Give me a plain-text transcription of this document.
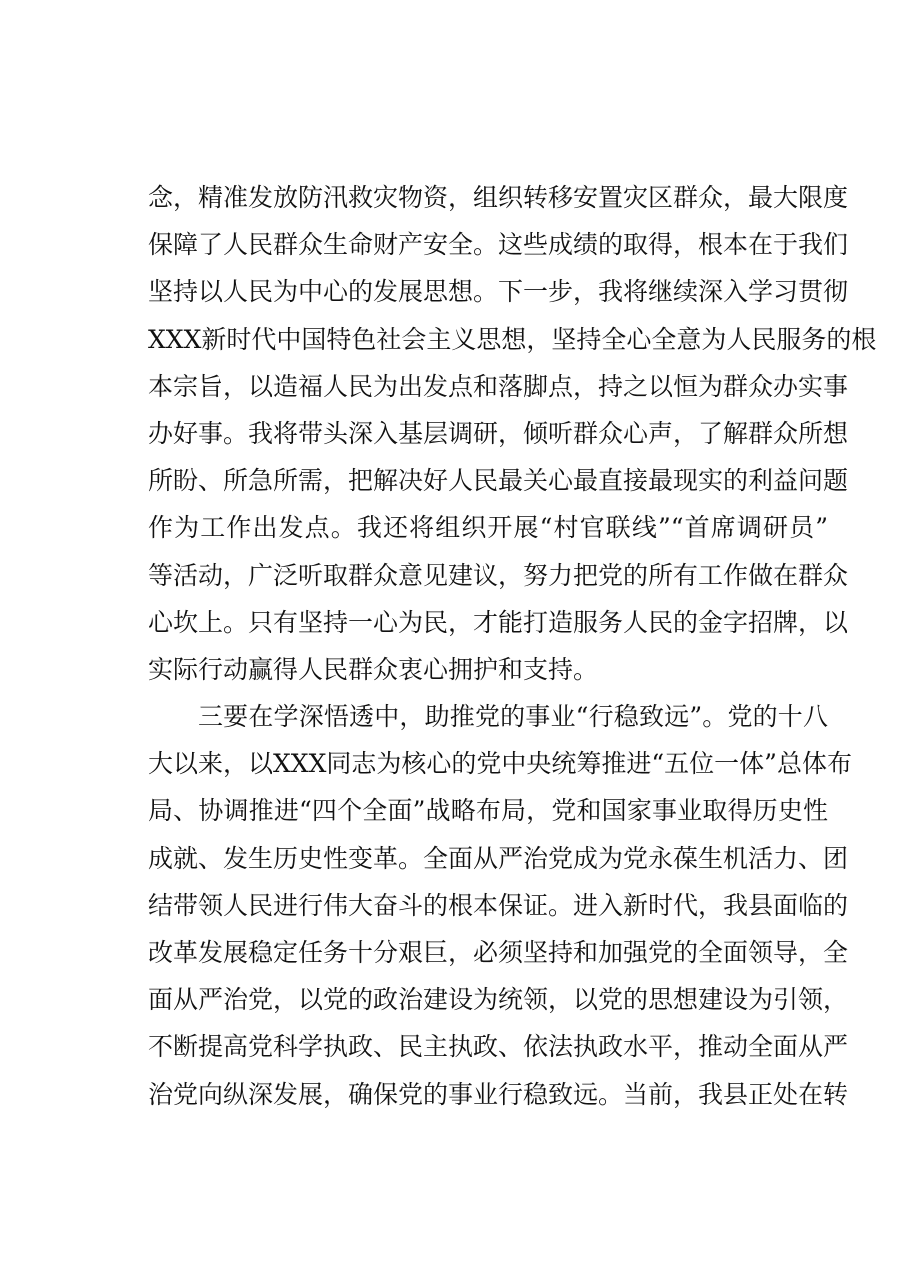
念，精准发放防汛救灾物资，组织转移安置灾区群众，最大限度
保障了人民群众生命财产安全。这些成绩的取得，根本在于我们
坚持以人民为中心的发展思想。下一步，我将继续深入学习贯彻
XXX新时代中国特色社会主义思想，坚持全心全意为人民服务的根
本宗旨，以造福人民为出发点和落脚点，持之以恒为群众办实事
办好事。我将带头深入基层调研，倾听群众心声，了解群众所想
所盼、所急所需，把解决好人民最关心最直接最现实的利益问题
作为工作出发点。我还将组织开展“村官联线”“首席调研员”
等活动，广泛听取群众意见建议，努力把党的所有工作做在群众
心坎上。只有坚持一心为民，才能打造服务人民的金字招牌，以
实际行动赢得人民群众衷心拥护和支持。
三要在学深悟透中，助推党的事业“行稳致远”。党的十八
大以来，以XXX同志为核心的党中央统筹推进“五位一体”总体布
局、协调推进“四个全面”战略布局，党和国家事业取得历史性
成就、发生历史性变革。全面从严治党成为党永葆生机活力、团
结带领人民进行伟大奋斗的根本保证。进入新时代，我县面临的
改革发展稳定任务十分艰巨，必须坚持和加强党的全面领导，全
面从严治党，以党的政治建设为统领，以党的思想建设为引领，
不断提高党科学执政、民主执政、依法执政水平，推动全面从严
治党向纵深发展，确保党的事业行稳致远。当前，我县正处在转
